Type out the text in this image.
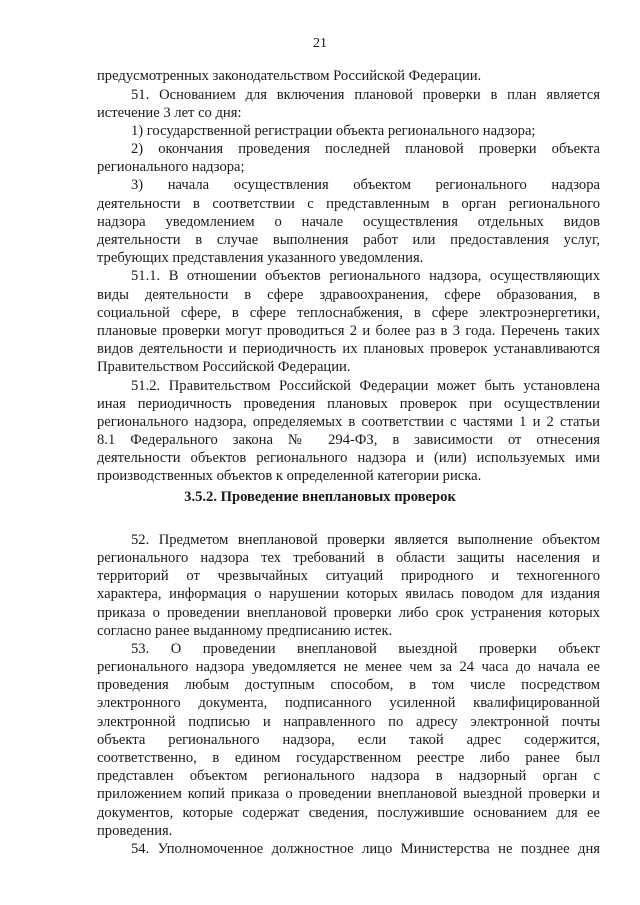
21
предусмотренных законодательством Российской Федерации.
51. Основанием для включения плановой проверки в план является
истечение 3 лет со дня:
1) государственной регистрации объекта регионального надзора;
2) окончания проведения последней плановой проверки объекта
регионального надзора;
3) начала осуществления объектом регионального надзора
деятельности в соответствии с представленным в орган регионального
надзора уведомлением о начале осуществления отдельных видов
деятельности в случае выполнения работ или предоставления услуг,
требующих представления указанного уведомления.
51.1. В отношении объектов регионального надзора, осуществляющих
виды деятельности в сфере здравоохранения, сфере образования, в
социальной сфере, в сфере теплоснабжения, в сфере электроэнергетики,
плановые проверки могут проводиться 2 и более раз в 3 года. Перечень таких
видов деятельности и периодичность их плановых проверок устанавливаются
Правительством Российской Федерации.
51.2. Правительством Российской Федерации может быть установлена
иная периодичность проведения плановых проверок при осуществлении
регионального надзора, определяемых в соответствии с частями 1 и 2 статьи
8.1 Федерального закона № 294-ФЗ, в зависимости от отнесения
деятельности объектов регионального надзора и (или) используемых ими
производственных объектов к определенной категории риска.
3.5.2. Проведение внеплановых проверок
52. Предметом внеплановой проверки является выполнение объектом
регионального надзора тех требований в области защиты населения и
территорий от чрезвычайных ситуаций природного и техногенного
характера, информация о нарушении которых явилась поводом для издания
приказа о проведении внеплановой проверки либо срок устранения которых
согласно ранее выданному предписанию истек.
53. О проведении внеплановой выездной проверки объект
регионального надзора уведомляется не менее чем за 24 часа до начала ее
проведения любым доступным способом, в том числе посредством
электронного документа, подписанного усиленной квалифицированной
электронной подписью и направленного по адресу электронной почты
объекта регионального надзора, если такой адрес содержится,
соответственно, в едином государственном реестре либо ранее был
представлен объектом регионального надзора в надзорный орган с
приложением копий приказа о проведении внеплановой выездной проверки и
документов, которые содержат сведения, послужившие основанием для ее
проведения.
54. Уполномоченное должностное лицо Министерства не позднее дня
